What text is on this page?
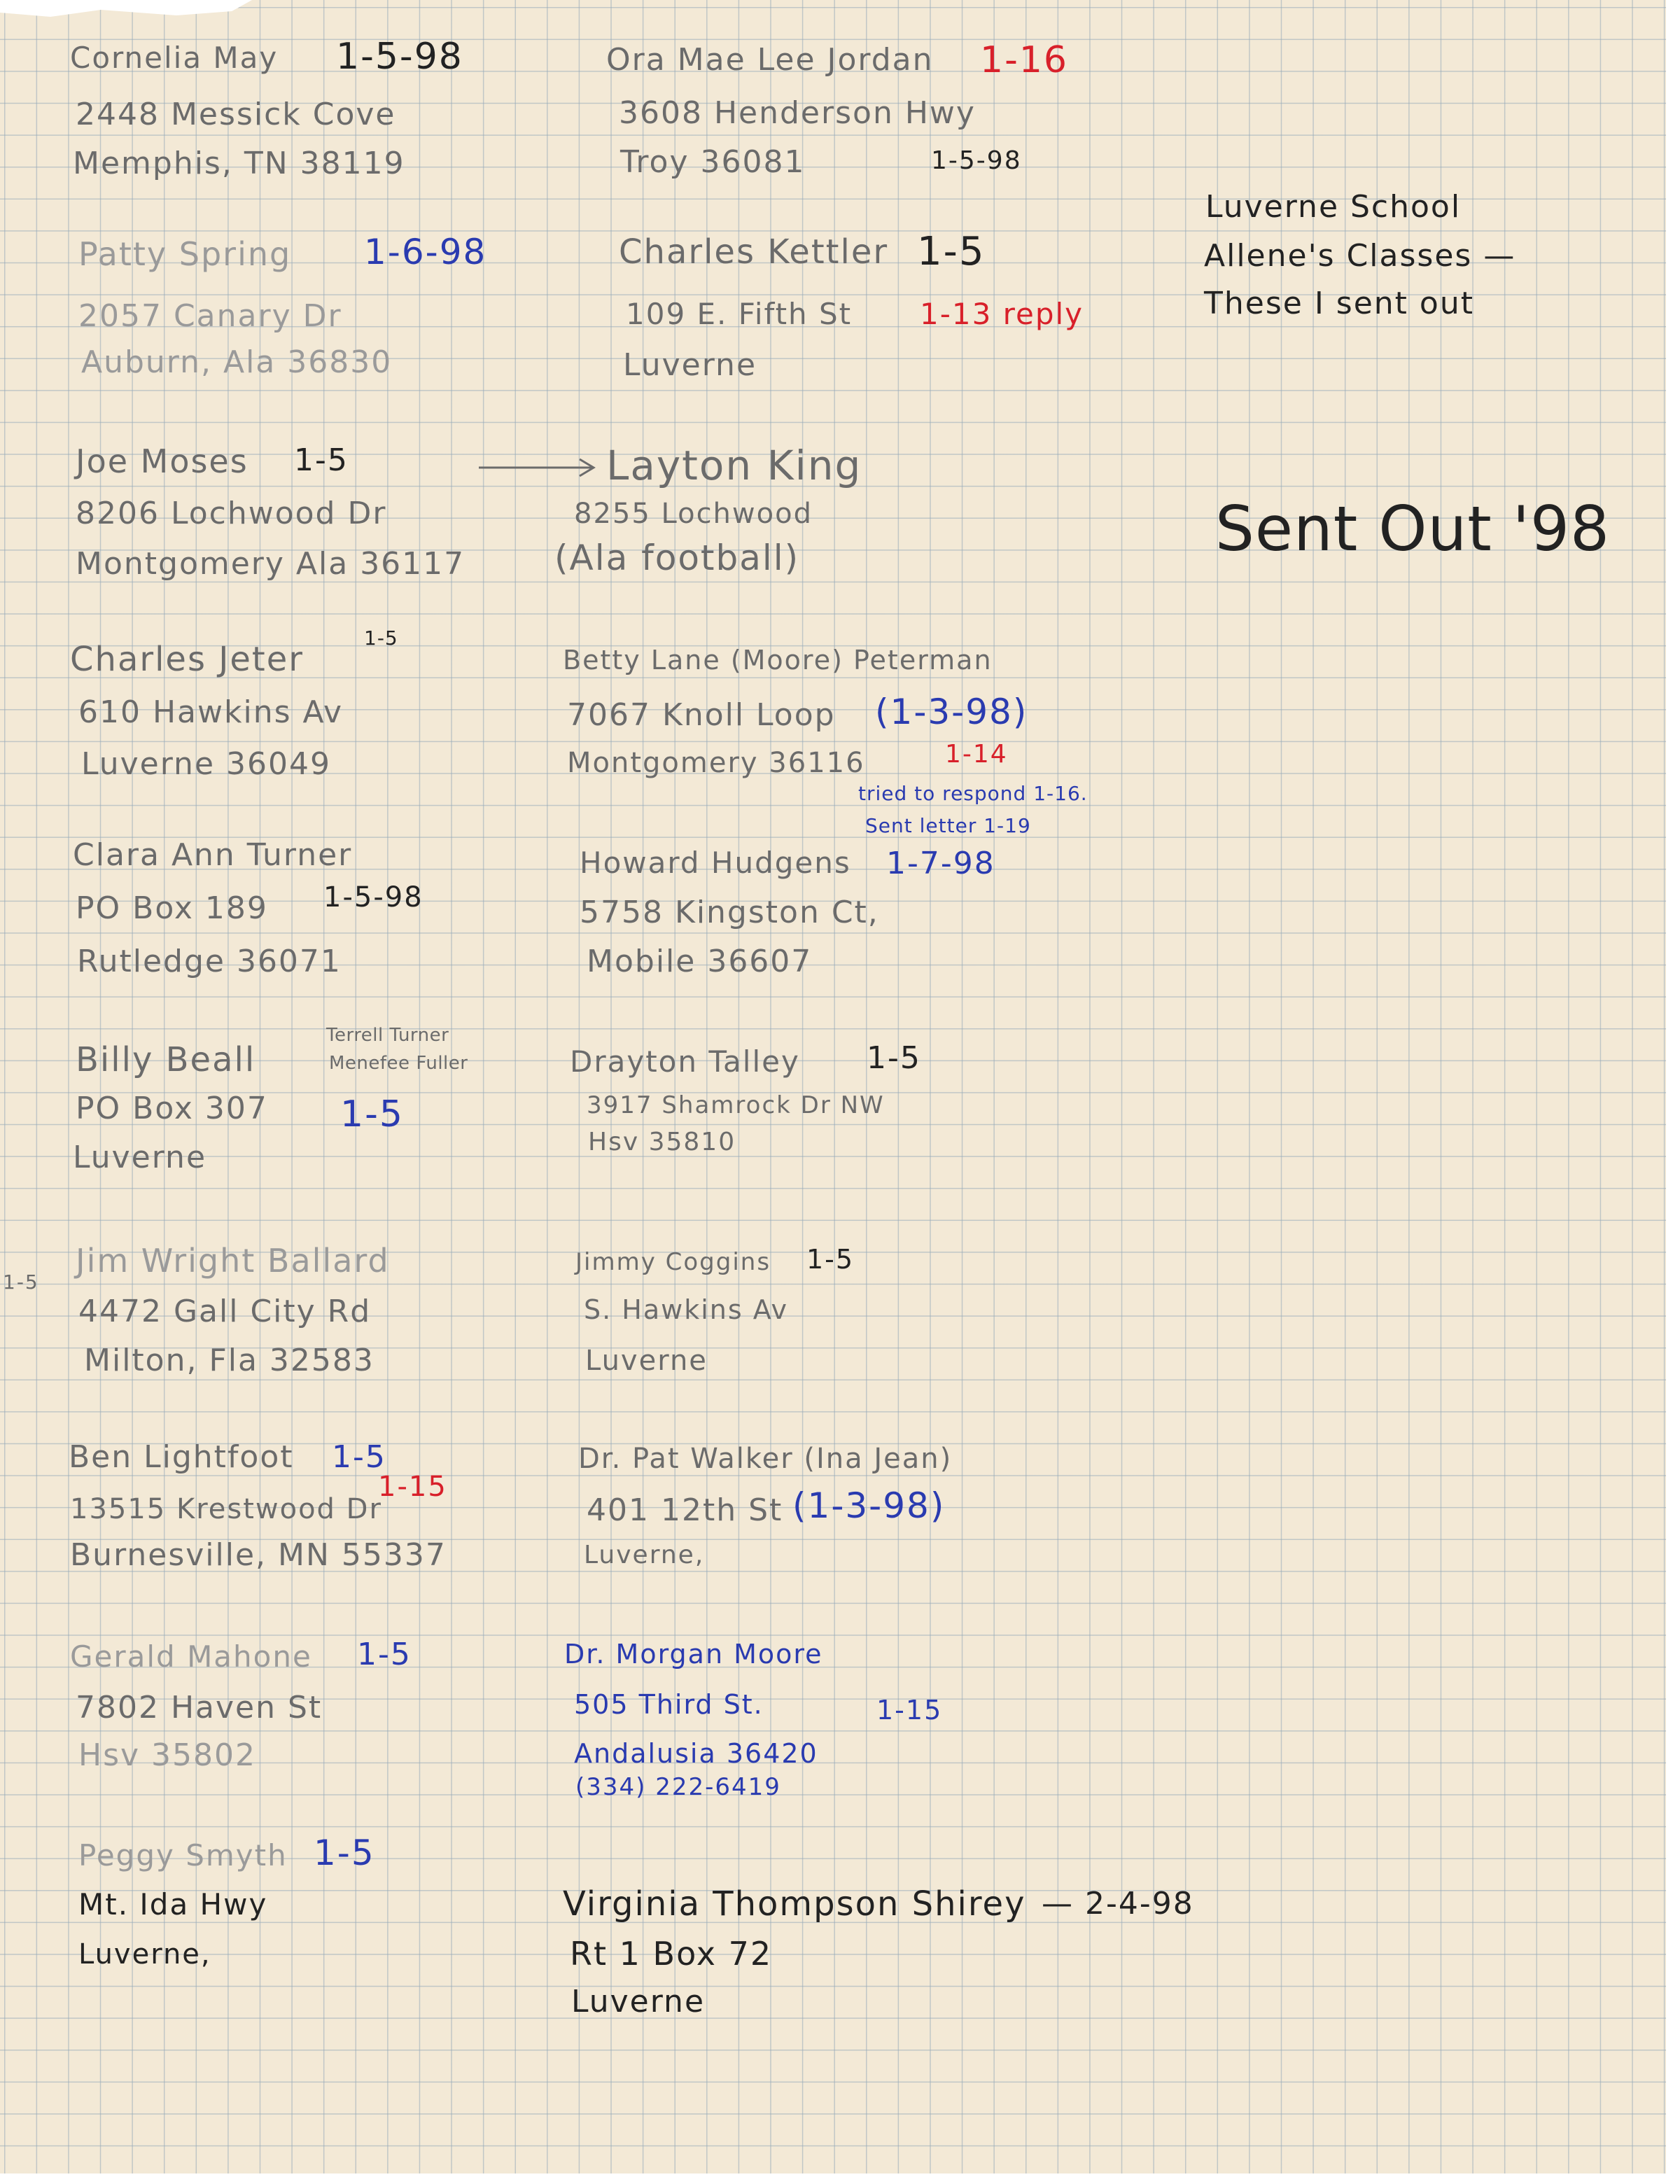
Cornelia May 1-5-98
2448 Messick Cove
Memphis, TN 38119
Patty Spring 1-6-98
2057 Canary Dr
Auburn, Ala 36830
Joe Moses 1-5
8206 Lochwood Dr
Montgomery Ala 36117
Charles Jeter
1-5
610 Hawkins Av
Luverne 36049
Clara Ann Turner
PO Box 189 1-5-98
Rutledge 36071
Billy Beall
Terrell Turner
Menefee Fuller
PO Box 307 1-5
Luverne
1-5
Jim Wright Ballard
4472 Gall City Rd
Milton, Fla 32583
Ben Lightfoot 1-5
1-15
13515 Krestwood Dr
Burnesville, MN 55337
Gerald Mahone 1-5
7802 Haven St
Hsv 35802
Peggy Smyth 1-5
Mt. Ida Hwy
Luverne,
Ora Mae Lee Jordan 1-16
3608 Henderson Hwy
Troy 36081	1-5-98
Charles Kettler 1-5
109 E. Fifth St 1-13 reply
Luverne
Layton King
8255 Lochwood
(Ala football)
Betty Lane (Moore) Peterman
7067 Knoll Loop (1-3-98)
Montgomery 36116	1-14
tried to respond 1-16.
Sent letter 1-19
Howard Hudgens 1-7-98
5758 Kingston Ct,
Mobile 36607
Drayton Talley 1-5
3917 Shamrock Dr NW
Hsv 35810
Jimmy Coggins 1-5
S. Hawkins Av
Luverne
Dr. Pat Walker (Ina Jean)
401 12th St (1-3-98)
Luverne,
Dr. Morgan Moore
505 Third St.	1-15
Andalusia 36420
(334) 222-6419
Virginia Thompson Shirey — 2-4-98
Rt 1 Box 72
Luverne
Luverne School
Allene's Classes —
These I sent out
Sent Out '98
